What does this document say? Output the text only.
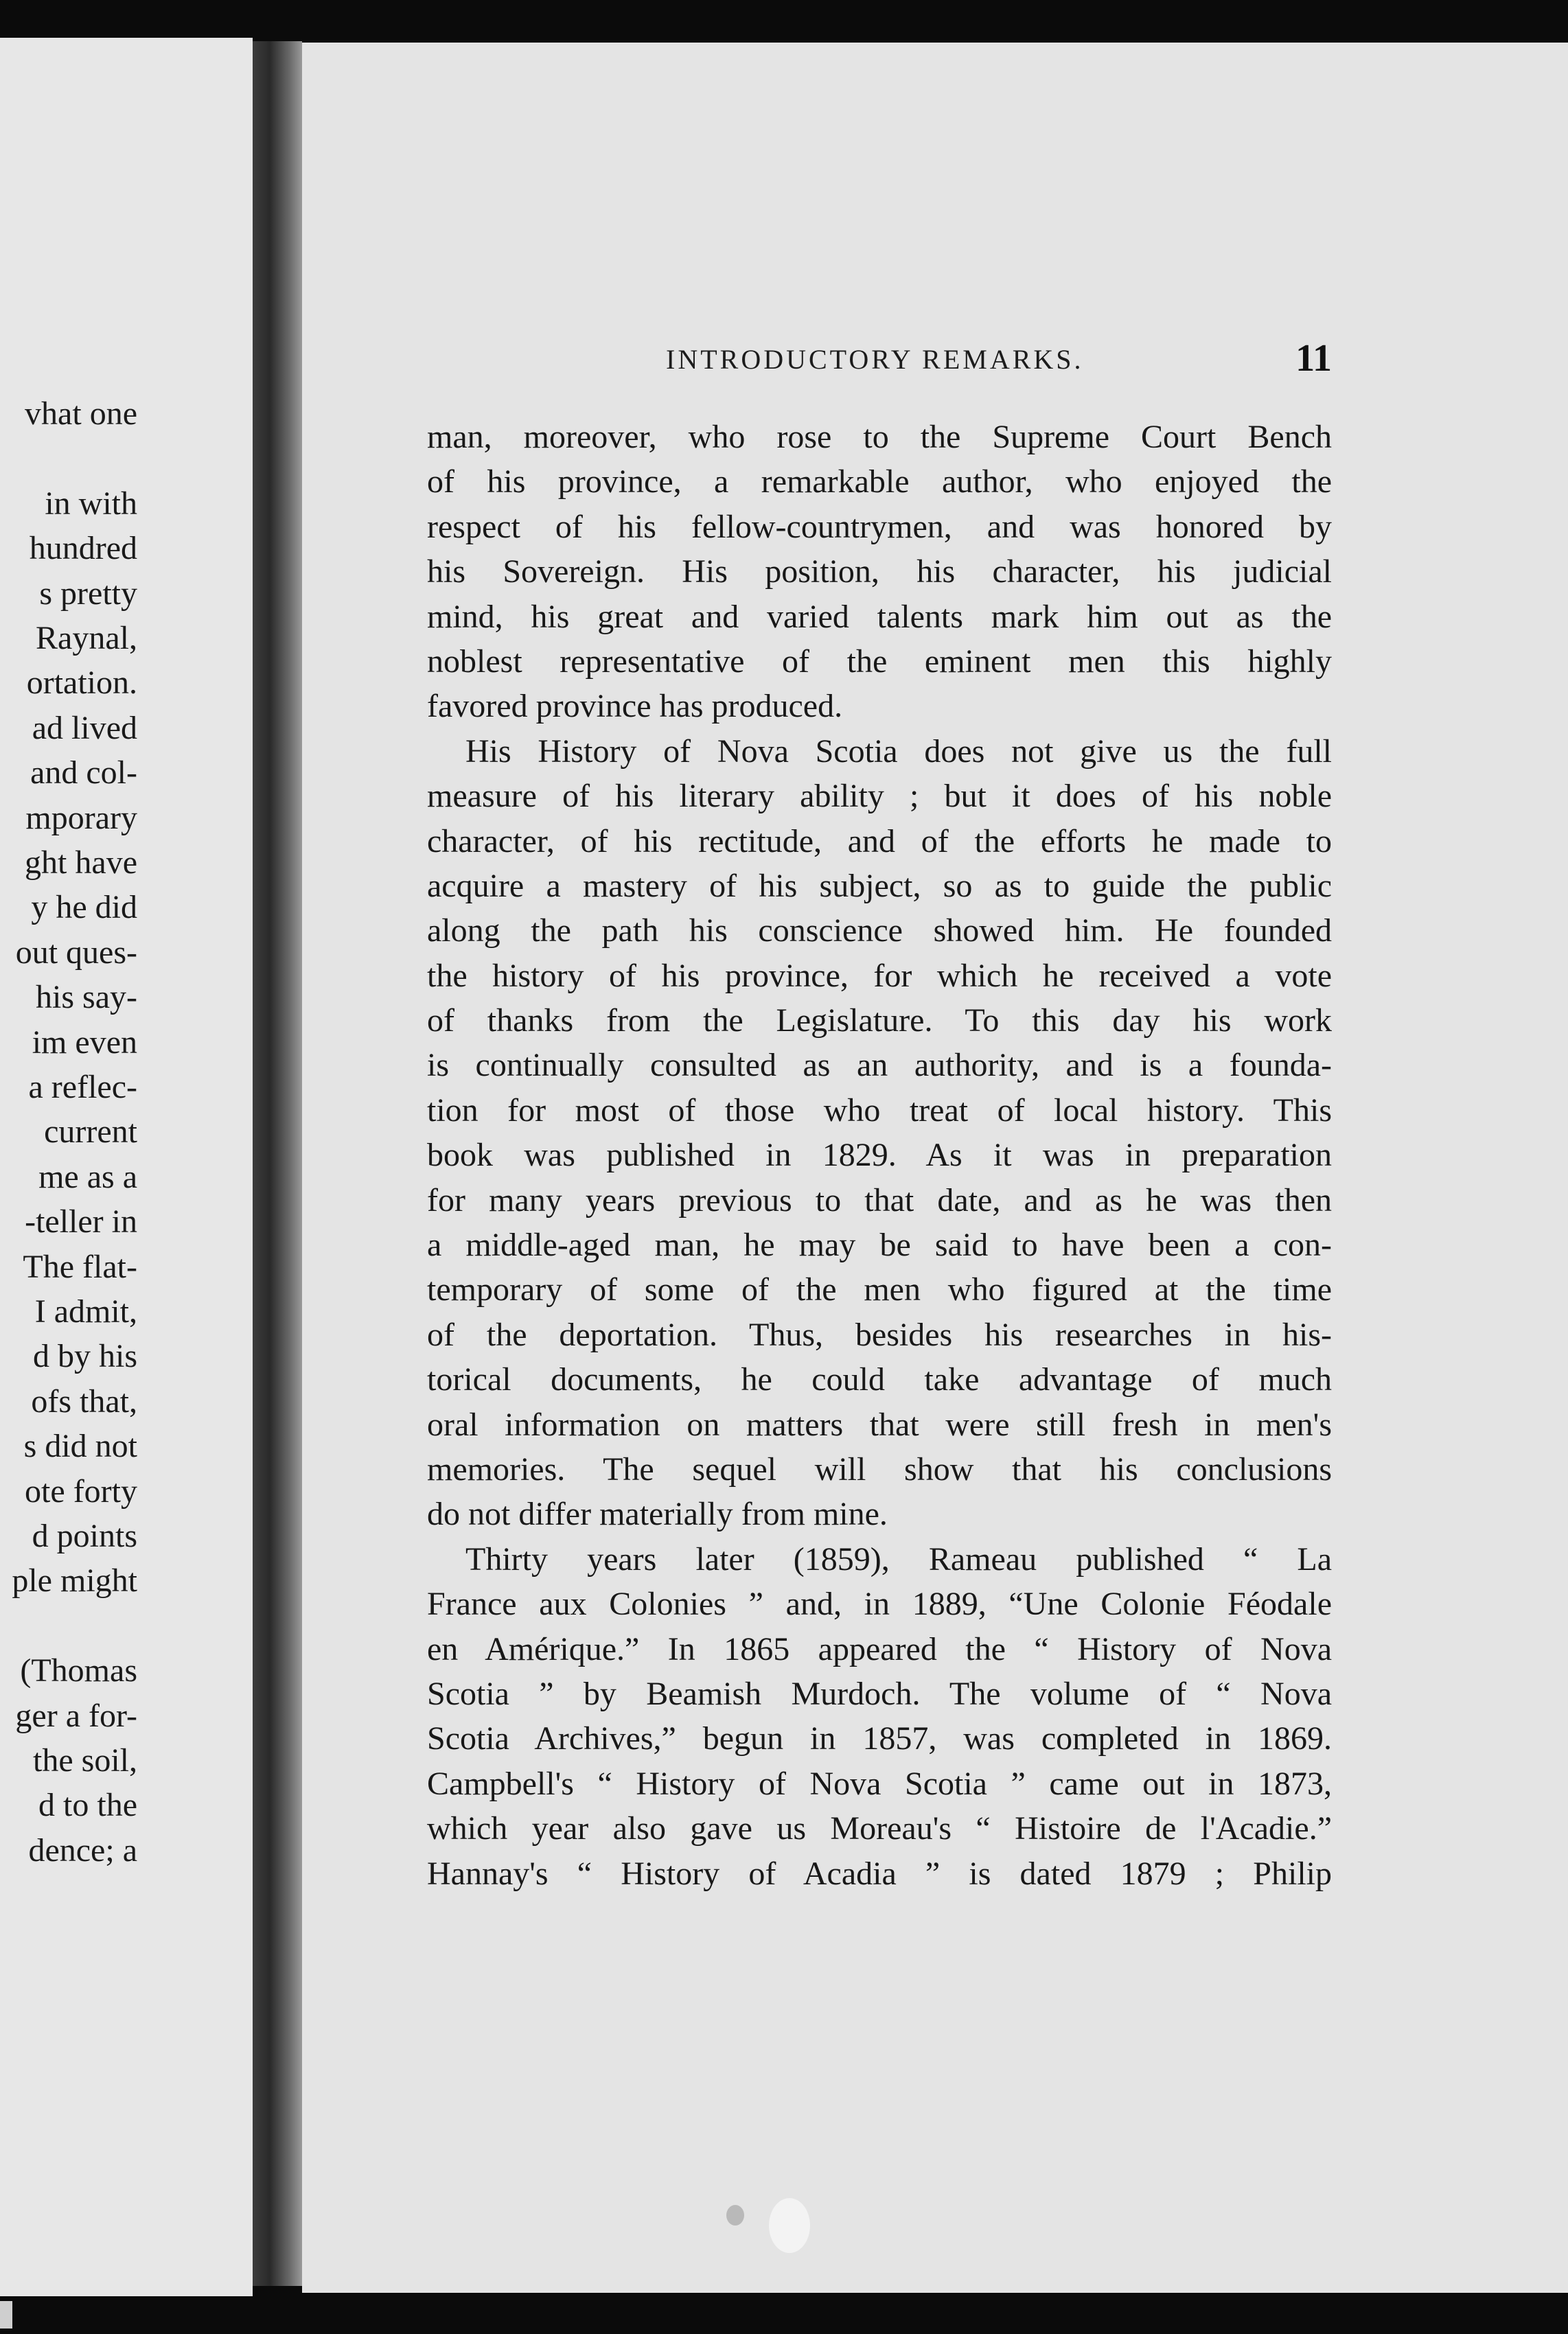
vhat one
in with
hundred
s pretty
Raynal,
ortation.
ad lived
and col-
mporary
ght have
y he did
out ques-
his say-
im even
a reflec-
current
me as a
-teller in
The flat-
I admit,
d by his
ofs that,
s did not
ote forty
d points
ple might
(Thomas
ger a for-
the soil,
d to the
dence; a
INTRODUCTORY REMARKS.	11
man, moreover, who rose to the Supreme Court Bench
of his province, a remarkable author, who enjoyed the
respect of his fellow-countrymen, and was honored by
his Sovereign. His position, his character, his judicial
mind, his great and varied talents mark him out as the
noblest representative of the eminent men this highly
favored province has produced.
His History of Nova Scotia does not give us the full
measure of his literary ability ; but it does of his noble
character, of his rectitude, and of the efforts he made to
acquire a mastery of his subject, so as to guide the public
along the path his conscience showed him. He founded
the history of his province, for which he received a vote
of thanks from the Legislature. To this day his work
is continually consulted as an authority, and is a founda-
tion for most of those who treat of local history. This
book was published in 1829. As it was in preparation
for many years previous to that date, and as he was then
a middle-aged man, he may be said to have been a con-
temporary of some of the men who figured at the time
of the deportation. Thus, besides his researches in his-
torical documents, he could take advantage of much
oral information on matters that were still fresh in men's
memories. The sequel will show that his conclusions
do not differ materially from mine.
Thirty years later (1859), Rameau published “ La
France aux Colonies ” and, in 1889, “Une Colonie Féodale
en Amérique.” In 1865 appeared the “ History of Nova
Scotia ” by Beamish Murdoch. The volume of “ Nova
Scotia Archives,” begun in 1857, was completed in 1869.
Campbell's “ History of Nova Scotia ” came out in 1873,
which year also gave us Moreau's “ Histoire de l'Acadie.”
Hannay's “ History of Acadia ” is dated 1879 ; Philip
